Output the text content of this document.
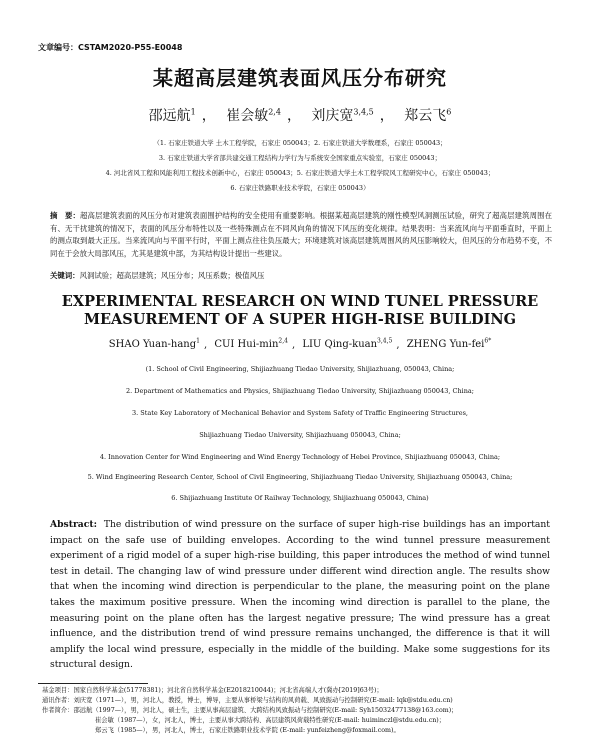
文章编号：CSTAM2020-P55-E0048
某超高层建筑表面风压分布研究
邵远航$^1$ ， 崔会敏$^{2,4}$ ， 刘庆宽$^{3,4,5}$ ， 郑云飞$^6$
（1. 石家庄铁道大学 土木工程学院，石家庄 050043；2. 石家庄铁道大学数理系，石家庄 050043；
3. 石家庄铁道大学省部共建交通工程结构力学行为与系统安全国家重点实验室，石家庄 050043；
4. 河北省风工程和风能利用工程技术创新中心，石家庄 050043；5. 石家庄铁道大学土木工程学院风工程研究中心，石家庄 050043；
6. 石家庄铁路职业技术学院，石家庄 050043）
摘　要：超高层建筑表面的风压分布对建筑表面围护结构的安全使用有重要影响。根据某超高层建筑的刚性模型风洞测压试验，研究了超高层建筑周围在有、无干扰建筑的情况下，表面的风压分布特性以及一些特殊测点在不同风向角的情况下风压的变化规律。结果表明：当来流风向与平面垂直时，平面上的测点取到最大正压。当来流风向与平面平行时，平面上测点往往负压最大；环境建筑对该高层建筑周围风的风压影响较大，但风压的分布趋势不变，不同在于会放大局部风压，尤其是建筑中部，为其结构设计提出一些建议。
关键词：风洞试验；超高层建筑；风压分布；风压系数；极值风压
EXPERIMENTAL RESEARCH ON WIND TUNEL PRESSURE
MEASUREMENT OF A SUPER HIGH-RISE BUILDING
SHAO Yuan-hang$^1$ , CUI Hui-$\min^{2,4}$ , LIU Qing-kuan$^{3,4,5}$ , ZHENG Yun-fei$^{6*}$
(1. School of Civil Engineering, Shijiazhuang Tiedao University, Shijiazhuang, 050043, China;
2. Department of Mathematics and Physics, Shijiazhuang Tiedao University, Shijiazhuang 050043, China;
3. State Key Laboratory of Mechanical Behavior and System Safety of Traffic Engineering Structures,
Shijiazhuang Tiedao University, Shijiazhuang 050043, China;
4. Innovation Center for Wind Engineering and Wind Energy Technology of Hebei Province, Shijiazhuang 050043, China;
5. Wind Engineering Research Center, School of Civil Engineering, Shijiazhuang Tiedao University, Shijiazhuang 050043, China;
6. Shijiazhuang Institute Of Railway Technology, Shijiazhuang 050043, China)
Abstract: The distribution of wind pressure on the surface of super high-rise buildings has an important impact on the safe use of building envelopes. According to the wind tunnel pressure measurement experiment of a rigid model of a super high-rise building, this paper introduces the method of wind tunnel test in detail. The changing law of wind pressure under different wind direction angle. The results show that when the incoming wind direction is perpendicular to the plane, the measuring point on the plane takes the maximum positive pressure. When the incoming wind direction is parallel to the plane, the measuring point on the plane often has the largest negative pressure; The wind pressure has a great influence, and the distribution trend of wind pressure remains unchanged, the difference is that it will amplify the local wind pressure, especially in the middle of the building. Make some suggestions for its structural design.
基金项目：国家自然科学基金(51778381)；河北省自然科学基金(E2018210044)；河北省高端人才(冀办[2019]63号)；
通讯作者：刘庆宽（1971—），男，河北人，教授，博士，博导，主要从事桥梁与结构的风荷载、风致振动与控制研究(E-mail: lqk@stdu.edu.cn)
作者简介：邵远航（1997—），男，河北人，硕士生，主要从事高层建筑、大跨结构风致振动与控制研究(E-mail: Syh15032477138@163.com)；
崔会敏（1987—），女，河北人，博士，主要从事大跨结构、高层建筑风荷载特性研究(E-mail: huiminczl@stdu.edu.cn)；
郑云飞（1985—），男，河北人，博士，石家庄铁路职业技术学院 (E-mail: yunfeizheng@foxmail.com)。
